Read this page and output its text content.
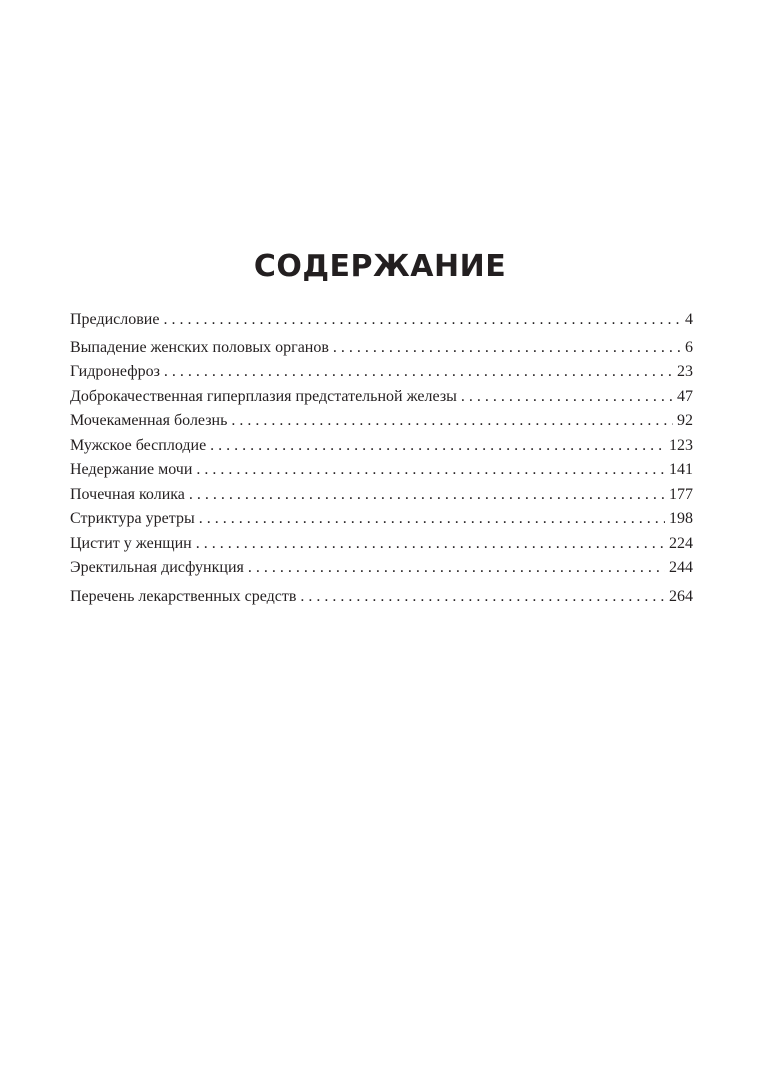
СОДЕРЖАНИЕ
Предисловие . . .	4
Выпадение женских половых органов . . .	6
Гидронефроз . . .	23
Доброкачественная гиперплазия предстательной железы . . .	47
Мочекаменная болезнь . . .	92
Мужское бесплодие . . .	123
Недержание мочи . . .	141
Почечная колика . . .	177
Стриктура уретры . . .	198
Цистит у женщин . . .	224
Эректильная дисфункция . . .	244
Перечень лекарственных средств . . .	264
